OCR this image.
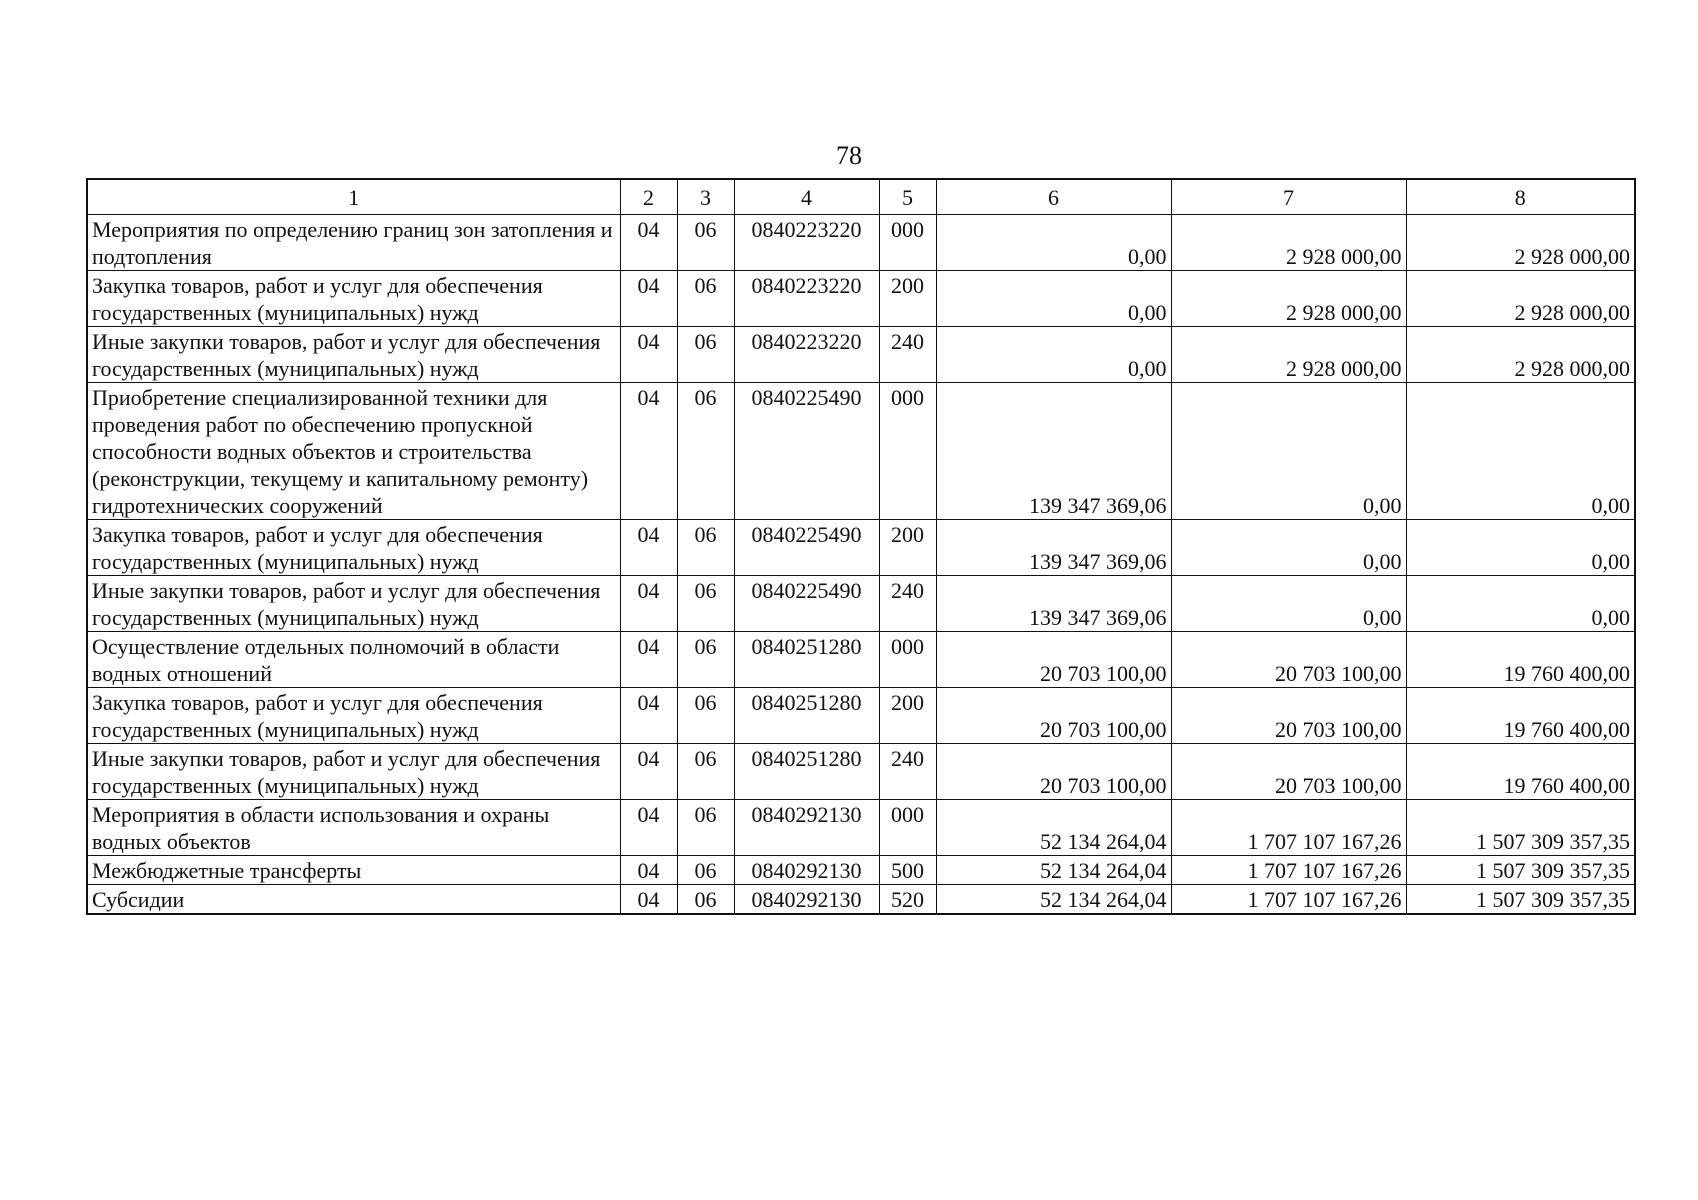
78
1	2	3	4	5	6	7	8
Мероприятия по определению границ зон затопления и подтопления	04	06	0840223220	000	0,00	2 928 000,00	2 928 000,00
Закупка товаров, работ и услуг для обеспечения государственных (муниципальных) нужд	04	06	0840223220	200	0,00	2 928 000,00	2 928 000,00
Иные закупки товаров, работ и услуг для обеспечения государственных (муниципальных) нужд	04	06	0840223220	240	0,00	2 928 000,00	2 928 000,00
Приобретение специализированной техники для проведения работ по обеспечению пропускной способности водных объектов и строительства (реконструкции, текущему и капитальному ремонту) гидротехнических сооружений	04	06	0840225490	000	139 347 369,06	0,00	0,00
Закупка товаров, работ и услуг для обеспечения государственных (муниципальных) нужд	04	06	0840225490	200	139 347 369,06	0,00	0,00
Иные закупки товаров, работ и услуг для обеспечения государственных (муниципальных) нужд	04	06	0840225490	240	139 347 369,06	0,00	0,00
Осуществление отдельных полномочий в области водных отношений	04	06	0840251280	000	20 703 100,00	20 703 100,00	19 760 400,00
Закупка товаров, работ и услуг для обеспечения государственных (муниципальных) нужд	04	06	0840251280	200	20 703 100,00	20 703 100,00	19 760 400,00
Иные закупки товаров, работ и услуг для обеспечения государственных (муниципальных) нужд	04	06	0840251280	240	20 703 100,00	20 703 100,00	19 760 400,00
Мероприятия в области использования и охраны водных объектов	04	06	0840292130	000	52 134 264,04	1 707 107 167,26	1 507 309 357,35
Межбюджетные трансферты	04	06	0840292130	500	52 134 264,04	1 707 107 167,26	1 507 309 357,35
Субсидии	04	06	0840292130	520	52 134 264,04	1 707 107 167,26	1 507 309 357,35
